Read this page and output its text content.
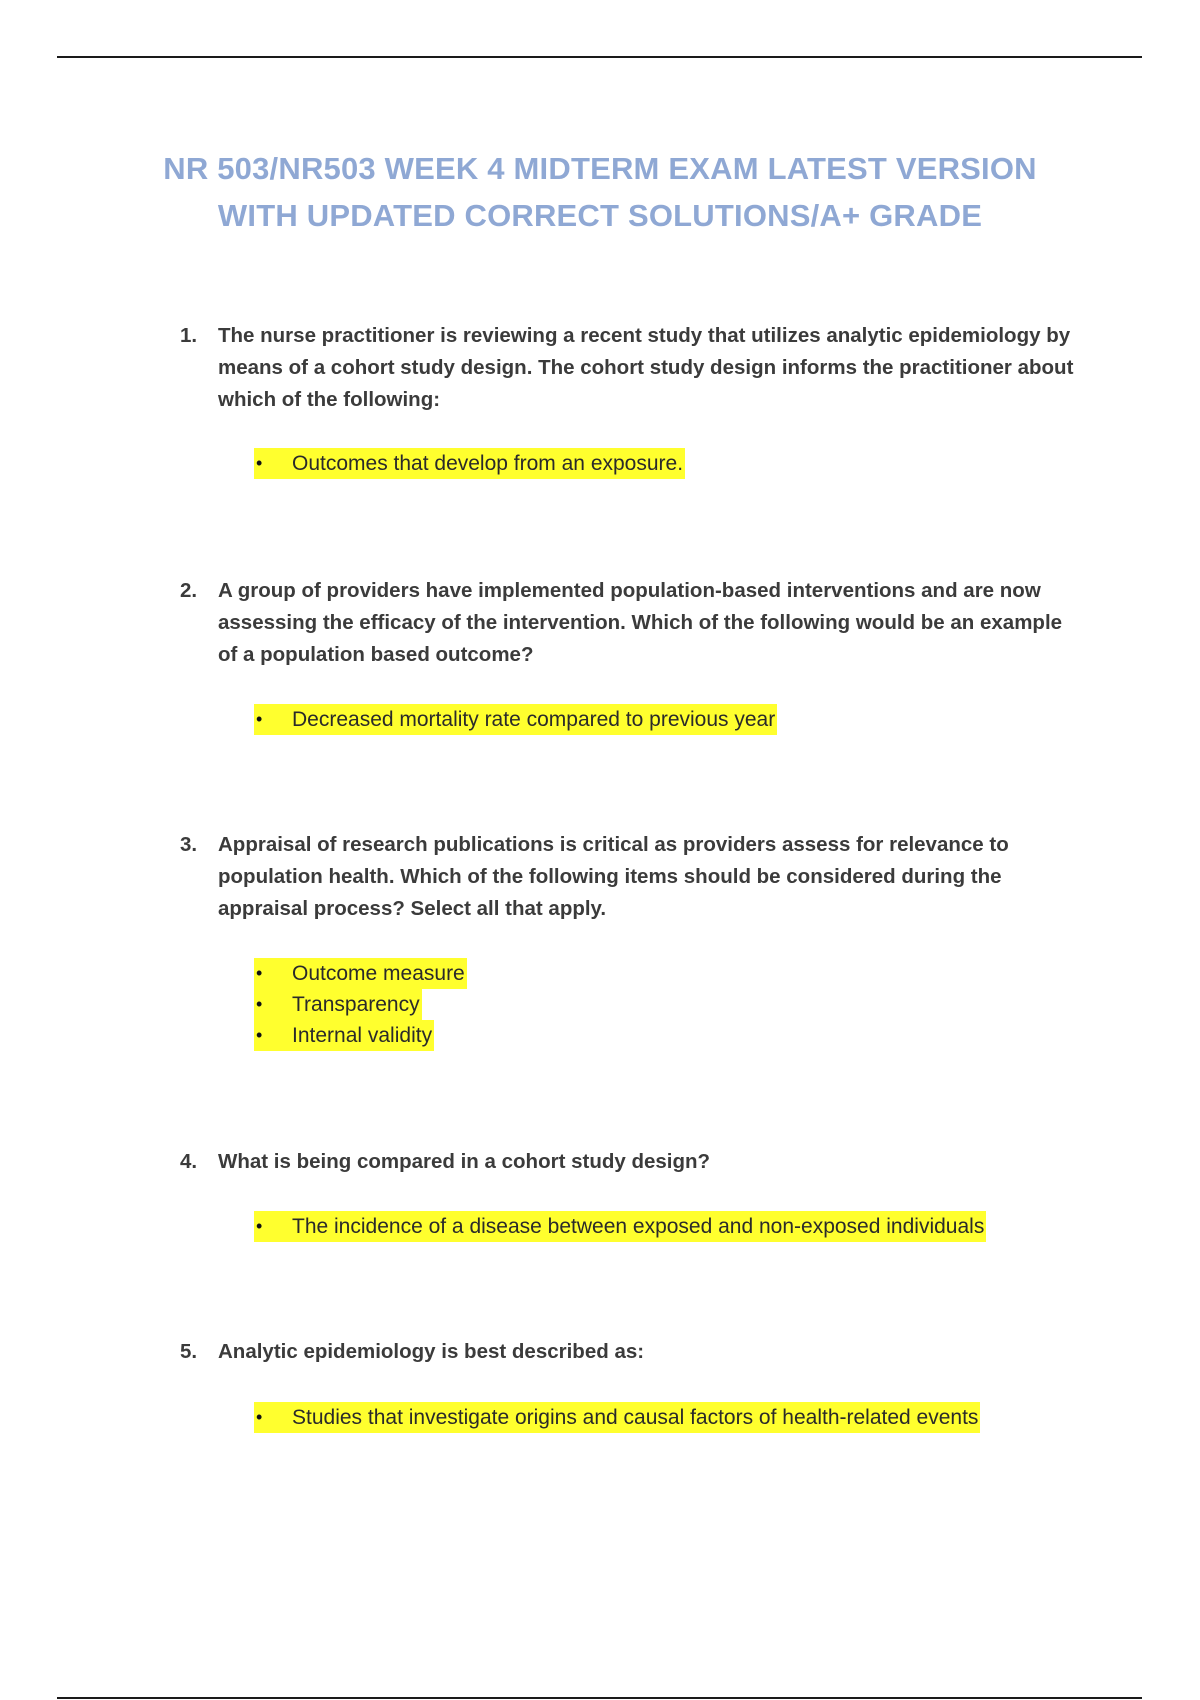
NR 503/NR503 WEEK 4 MIDTERM EXAM LATEST VERSION
WITH UPDATED CORRECT SOLUTIONS/A+ GRADE
1.	The nurse practitioner is reviewing a recent study that utilizes analytic epidemiology by means of a cohort study design. The cohort study design informs the practitioner about which of the following:
•	Outcomes that develop from an exposure.
2.	A group of providers have implemented population-based interventions and are now assessing the efficacy of the intervention. Which of the following would be an example of a population based outcome?
•	Decreased mortality rate compared to previous year
3.	Appraisal of research publications is critical as providers assess for relevance to population health. Which of the following items should be considered during the appraisal process? Select all that apply.
•	Outcome measure
•	Transparency
•	Internal validity
4.	What is being compared in a cohort study design?
•	The incidence of a disease between exposed and non-exposed individuals
5.	Analytic epidemiology is best described as:
•	Studies that investigate origins and causal factors of health-related events
